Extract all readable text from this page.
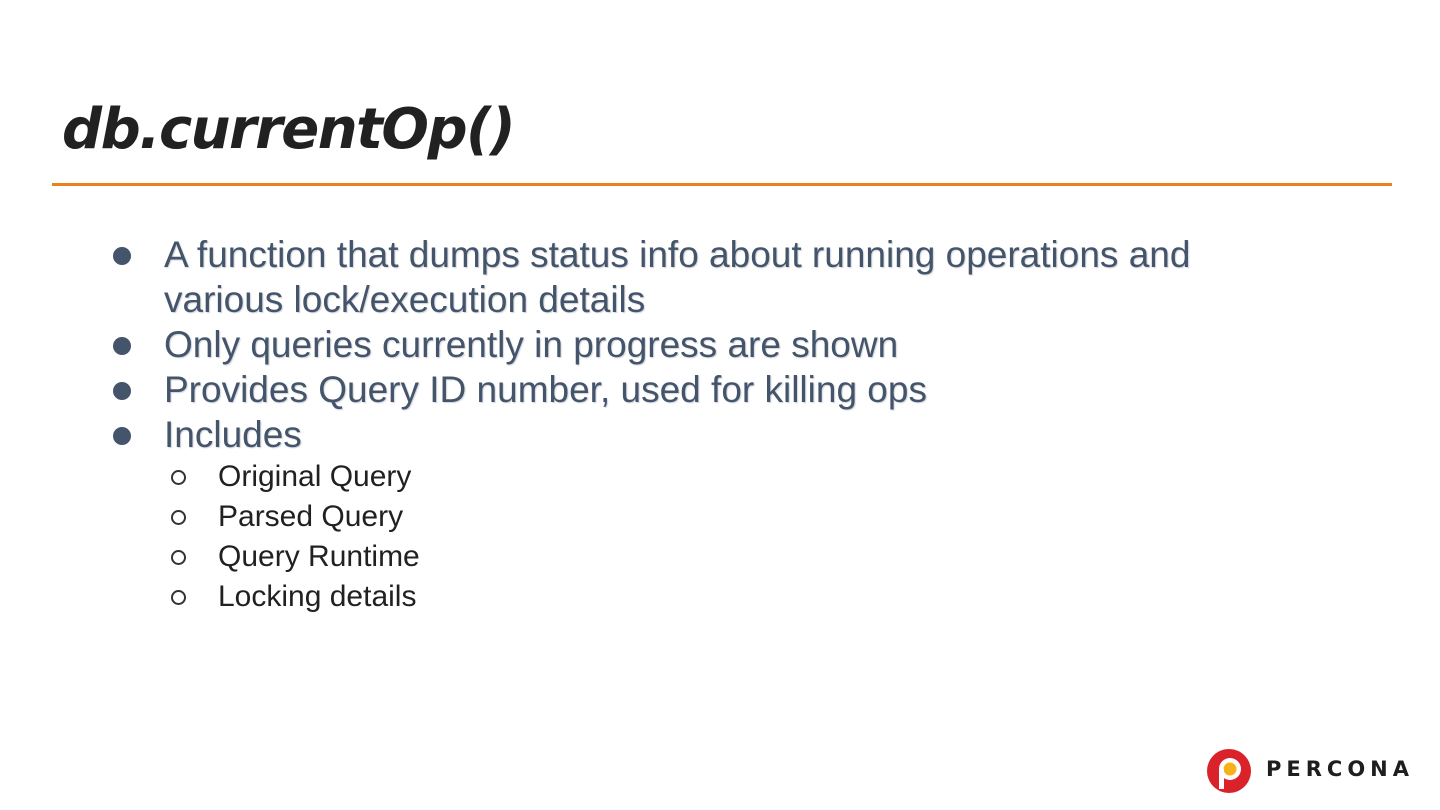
db.currentOp()
A function that dumps status info about running operations and various lock/execution details
Only queries currently in progress are shown
Provides Query ID number, used for killing ops
Includes
Original Query
Parsed Query
Query Runtime
Locking details
PERCONA
